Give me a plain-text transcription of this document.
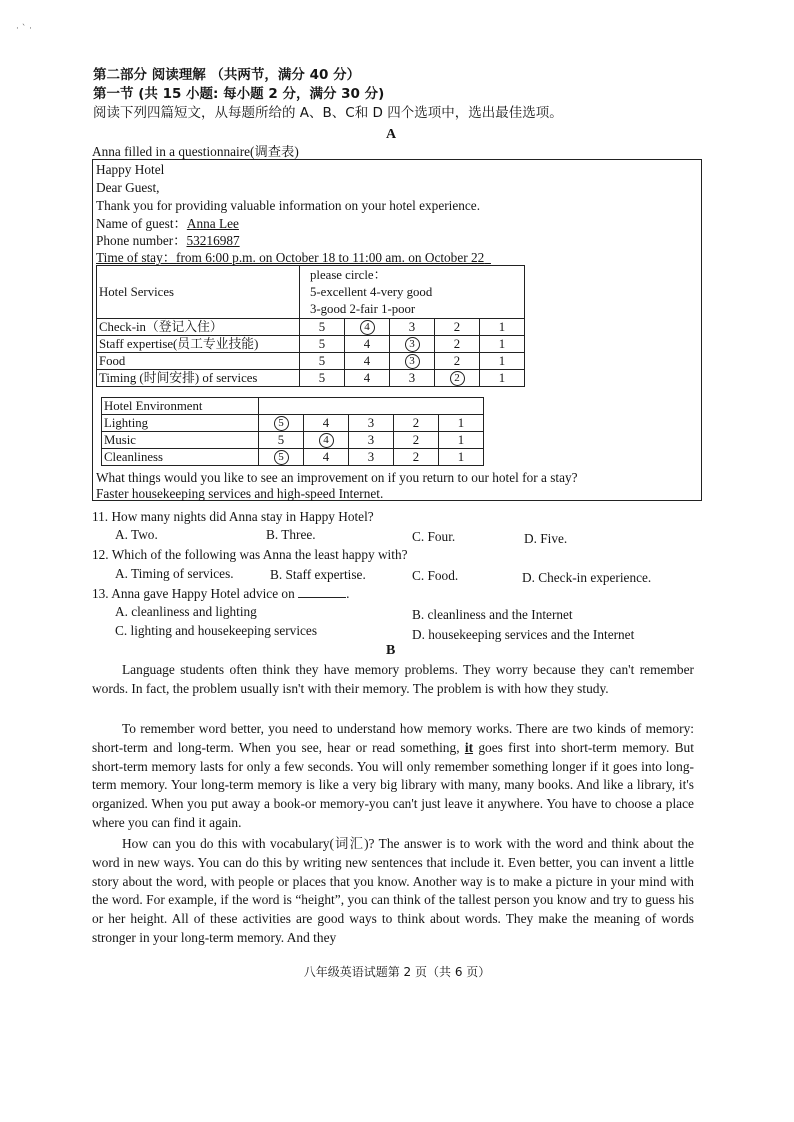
· ` ·
第二部分 阅读理解 （共两节，满分 40 分）
第一节 (共 15 小题: 每小题 2 分，满分 30 分)
阅读下列四篇短文，从每题所给的 A、B、C和 D 四个选项中，选出最佳选项。
A
Anna filled in a questionnaire(调查表)
Happy Hotel
Dear Guest,
Thank you for providing valuable information on your hotel experience.
Name of guest：Anna Lee
Phone number：53216987
Time of stay：from 6:00 p.m. on October 18 to 11:00 am. on October 22
Hotel Services	please circle：
5-excellent 4-very good
3-good 2-fair 1-poor				

Check-in（登记入住）	5	4	3	2	1
Staff expertise(员工专业技能)	5	4	3	2	1
Food	5	4	3	2	1
Timing (时间安排) of services	5	4	3	2	1
Hotel Environment					
Lighting	5	4	3	2	1
Music	5	4	3	2	1
Cleanliness	5	4	3	2	1
What things would you like to see an improvement on if you return to our hotel for a stay?
Faster housekeeping services and high-speed Internet.
11. How many nights did Anna stay in Happy Hotel?
A. Two.	B. Three.	C. Four.	D. Five.
12. Which of the following was Anna the least happy with?
A. Timing of services.	B. Staff expertise.	C. Food.	D. Check-in experience.
13. Anna gave Happy Hotel advice on	.
A. cleanliness and lighting	B. cleanliness and the Internet
C. lighting and housekeeping services	D. housekeeping services and the Internet
B
Language students often think they have memory problems. They worry because they can't remember words. In fact, the problem usually isn't with their memory. The problem is with how they study.
To remember word better, you need to understand how memory works. There are two kinds of memory: short-term and long-term. When you see, hear or read something, it goes first into short-term memory. But short-term memory lasts for only a few seconds. You will only remember something longer if it goes into long-term memory. Your long-term memory is like a very big library with many, many books. And like a library, it's organized. When you put away a book-or memory-you can't just leave it anywhere. You have to choose a place where you can find it again.
How can you do this with vocabulary(词汇)? The answer is to work with the word and think about the word in new ways. You can do this by writing new sentences that include it. Even better, you can invent a little story about the word, with people or places that you know. Another way is to make a picture in your mind with the word. For example, if the word is “height”, you can think of the tallest person you know and try to guess his or her height. All of these activities are good ways to think about words. They make the meaning of words stronger in your long-term memory. And they
八年级英语试题第 2 页（共 6 页）
